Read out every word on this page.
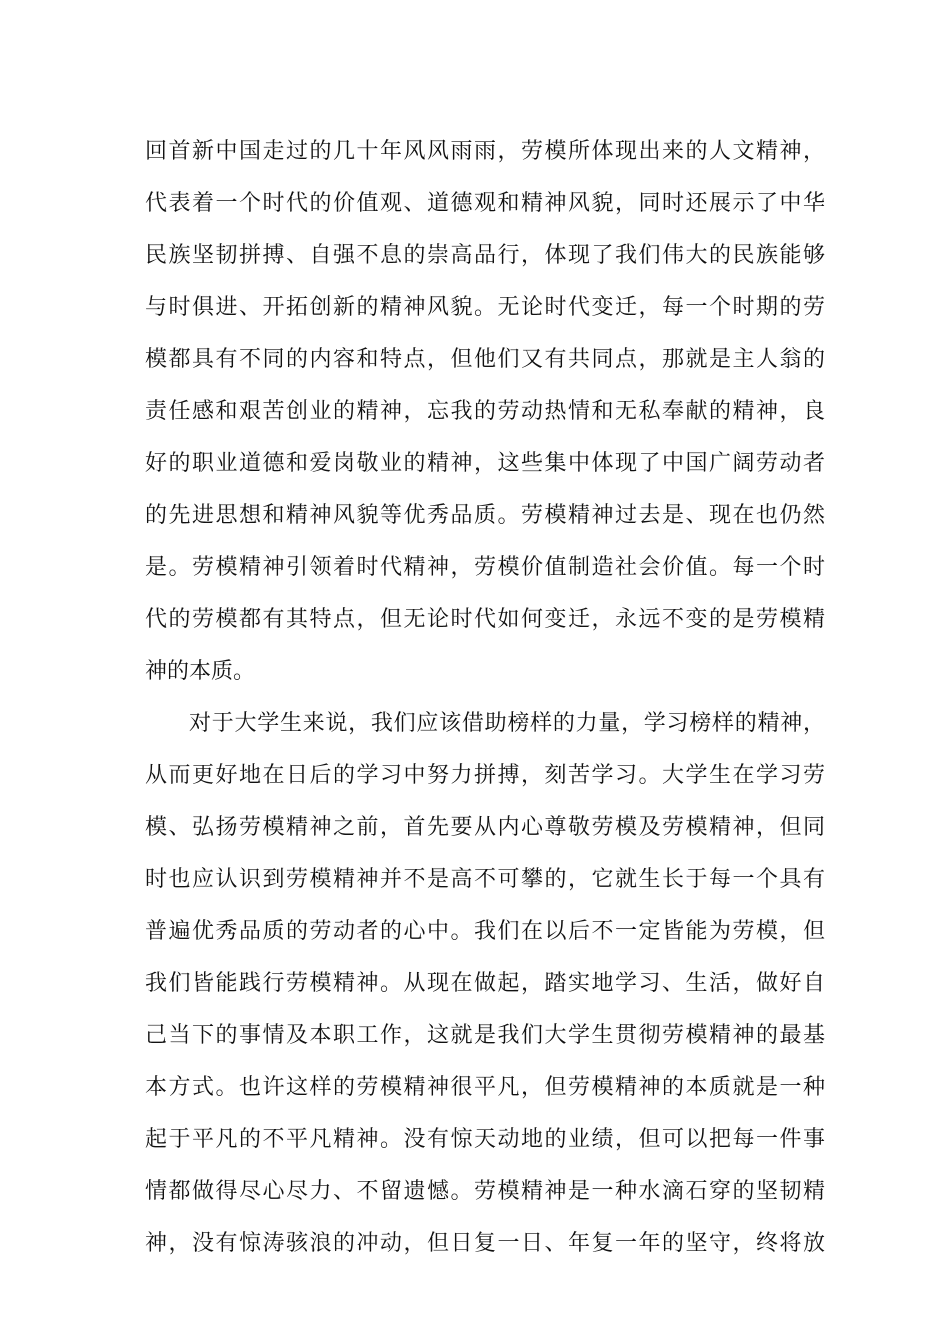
回首新中国走过的几十年风风雨雨，劳模所体现出来的人文精神，
代表着一个时代的价值观、道德观和精神风貌，同时还展示了中华
民族坚韧拼搏、自强不息的崇高品行，体现了我们伟大的民族能够
与时俱进、开拓创新的精神风貌。无论时代变迁，每一个时期的劳
模都具有不同的内容和特点，但他们又有共同点，那就是主人翁的
责任感和艰苦创业的精神，忘我的劳动热情和无私奉献的精神，良
好的职业道德和爱岗敬业的精神，这些集中体现了中国广阔劳动者
的先进思想和精神风貌等优秀品质。劳模精神过去是、现在也仍然
是。劳模精神引领着时代精神，劳模价值制造社会价值。每一个时
代的劳模都有其特点，但无论时代如何变迁，永远不变的是劳模精
神的本质。
对于大学生来说，我们应该借助榜样的力量，学习榜样的精神，
从而更好地在日后的学习中努力拼搏，刻苦学习。大学生在学习劳
模、弘扬劳模精神之前，首先要从内心尊敬劳模及劳模精神，但同
时也应认识到劳模精神并不是高不可攀的，它就生长于每一个具有
普遍优秀品质的劳动者的心中。我们在以后不一定皆能为劳模，但
我们皆能践行劳模精神。从现在做起，踏实地学习、生活，做好自
己当下的事情及本职工作，这就是我们大学生贯彻劳模精神的最基
本方式。也许这样的劳模精神很平凡，但劳模精神的本质就是一种
起于平凡的不平凡精神。没有惊天动地的业绩，但可以把每一件事
情都做得尽心尽力、不留遗憾。劳模精神是一种水滴石穿的坚韧精
神，没有惊涛骇浪的冲动，但日复一日、年复一年的坚守，终将放
